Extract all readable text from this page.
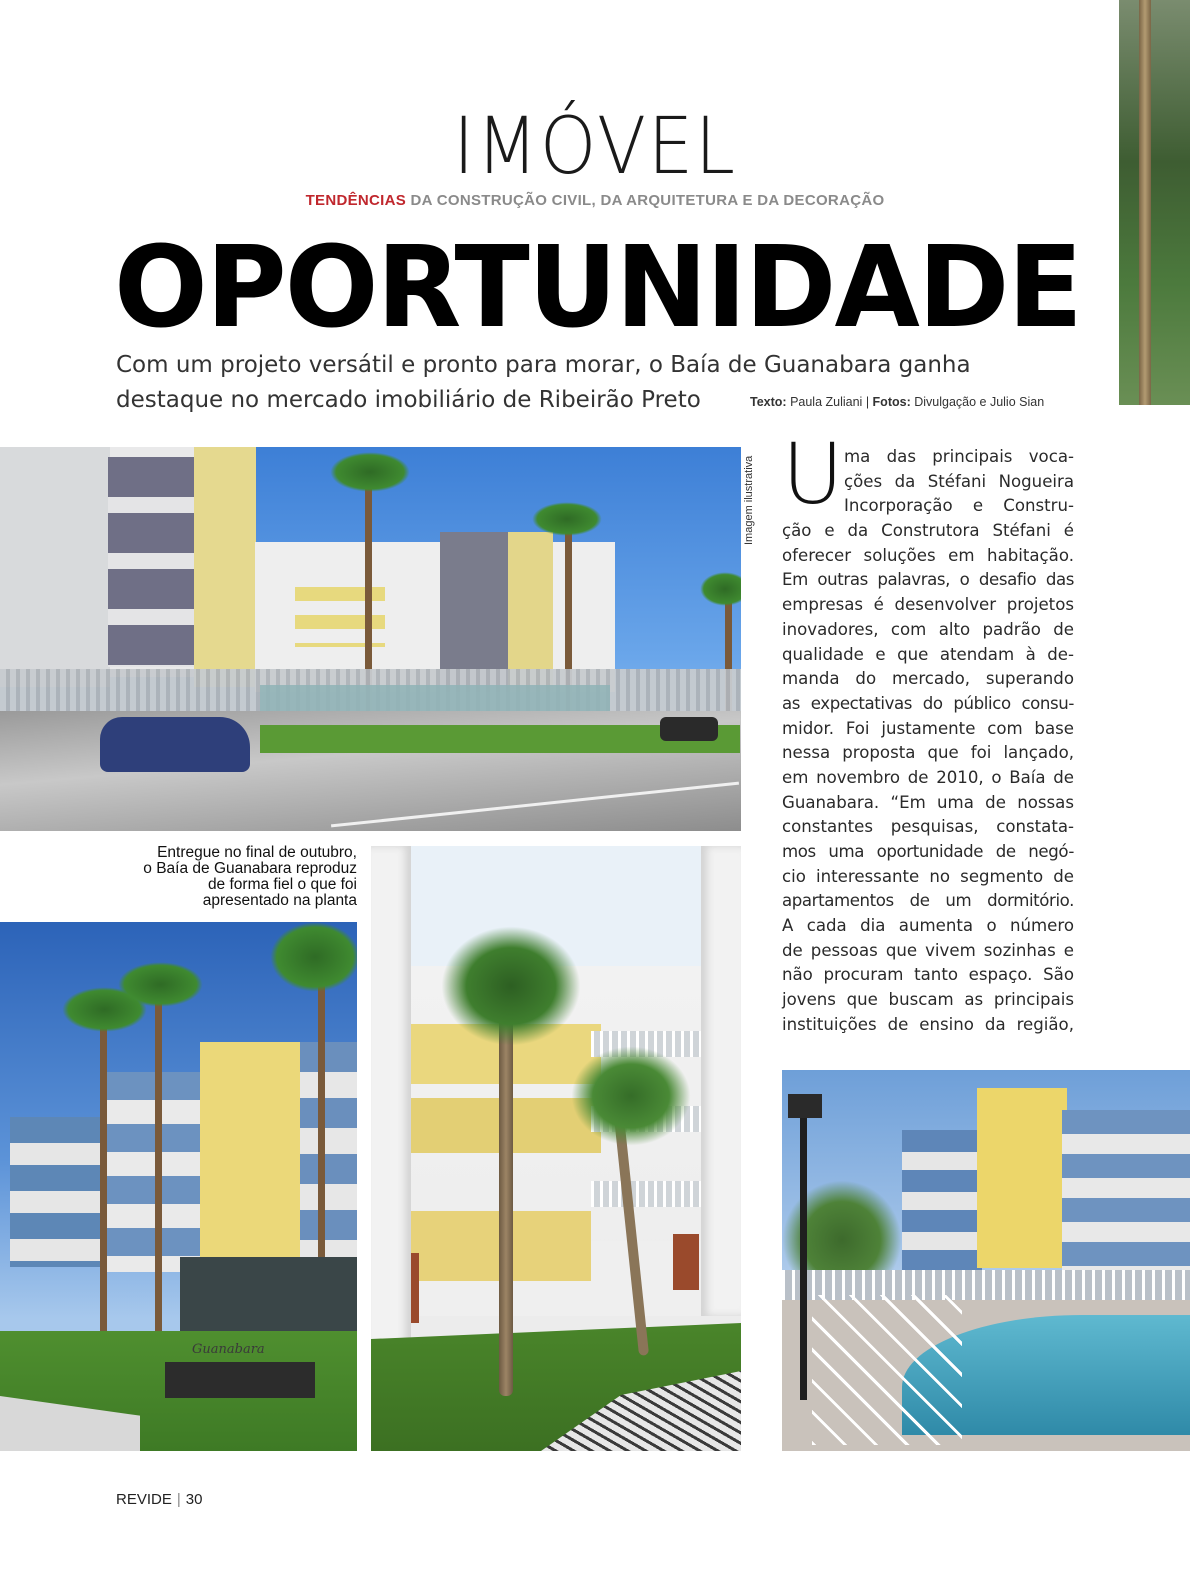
IMÓVEL
TENDÊNCIAS DA CONSTRUÇÃO CIVIL, DA ARQUITETURA E DA DECORAÇÃO
OPORTUNIDADE
Com um projeto versátil e pronto para morar, o Baía de Guanabara ganha
destaque no mercado imobiliário de Ribeirão Preto	Texto: Paula Zuliani | Fotos: Divulgação e Julio Sian
Imagem ilustrativa
Entregue no final de outubro,
o Baía de Guanabara reproduz
de forma fiel o que foi
apresentado na planta
Guanabara
U ma das principais voca-
ções da Stéfani Nogueira
Incorporação e Constru-
ção e da Construtora Stéfani é
oferecer soluções em habitação.
Em outras palavras, o desafio das
empresas é desenvolver projetos
inovadores, com alto padrão de
qualidade e que atendam à de-
manda do mercado, superando
as expectativas do público consu-
midor. Foi justamente com base
nessa proposta que foi lançado,
em novembro de 2010, o Baía de
Guanabara. “Em uma de nossas
constantes pesquisas, constata-
mos uma oportunidade de negó-
cio interessante no segmento de
apartamentos de um dormitório.
A cada dia aumenta o número
de pessoas que vivem sozinhas e
não procuram tanto espaço. São
jovens que buscam as principais
instituições de ensino da região,
REVIDE | 30
